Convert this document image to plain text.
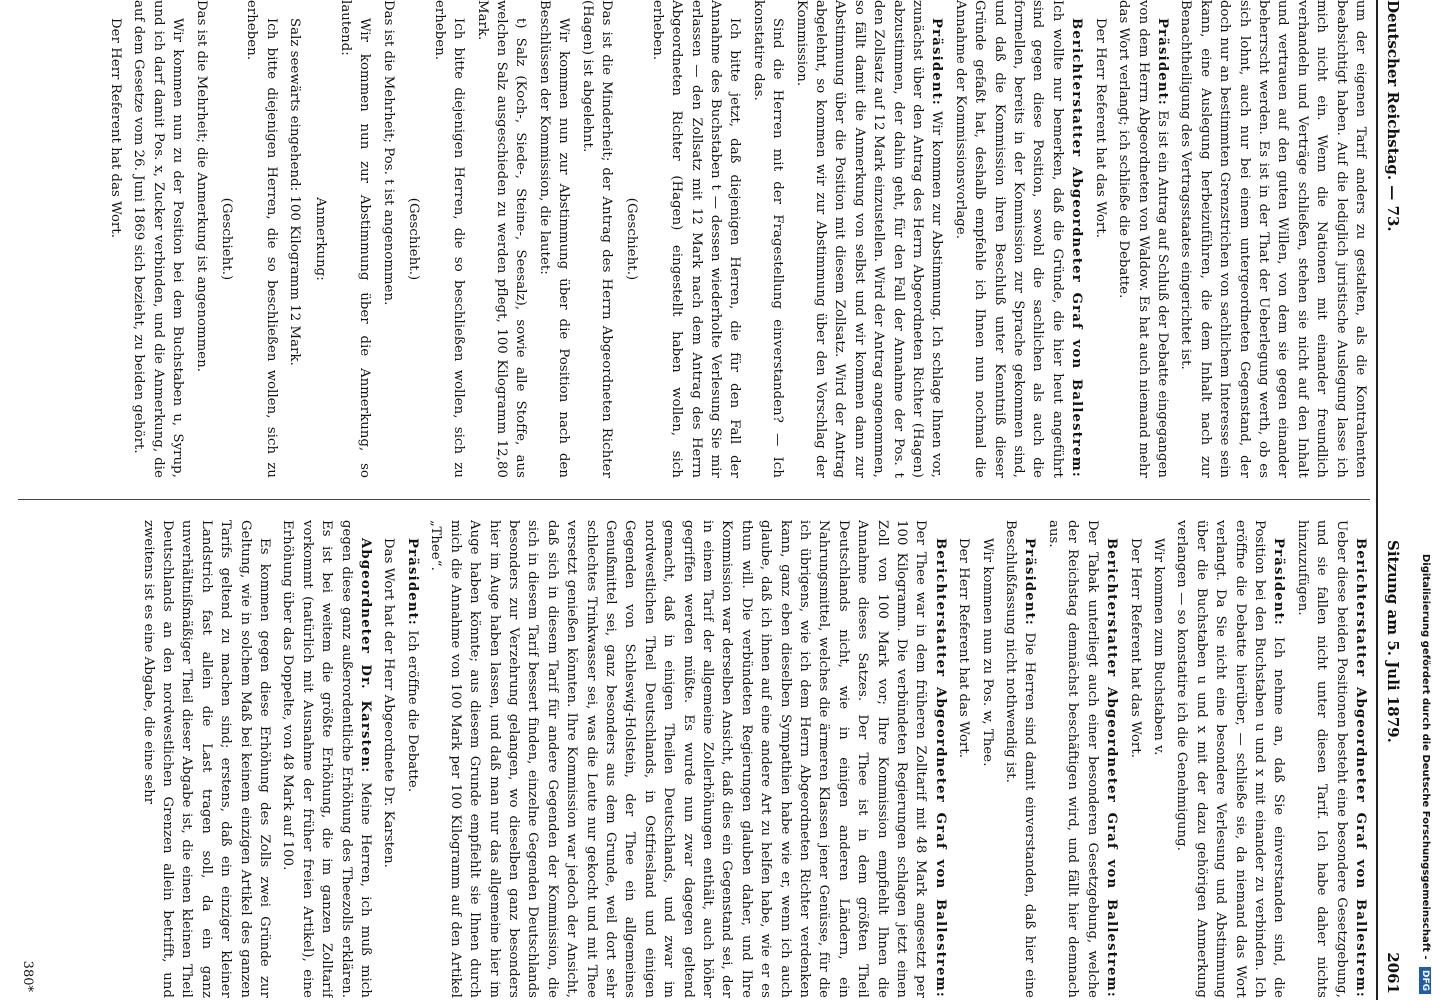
Deutscher Reichstag. — 73.
Sitzung am 5. Juli 1879.
2061

um der eigenen Tarif anders zu gestalten, als die Kontrahenten beabsichtigt haben. Auf die lediglich juristische Auslegung lasse ich mich nicht ein. Wenn die Nationen mit einander freundlich verhandeln und Verträge schließen, stehen sie nicht auf den Inhalt und vertrauen auf den guten Willen, von dem sie gegen einander beherrscht werden. Es ist in der That der Ueberlegung werth, ob es sich lohnt, auch nur bei einem untergeordneten Gegenstand, der doch nur an bestimmten Grenzstrichen von sachlichem Interesse sein kann, eine Auslegung herbeizuführen, die dem Inhalt nach zur Benachtheiligung des Vertragsstaates eingerichtet ist.

Präsident: Es ist ein Antrag auf Schluß der Debatte eingegangen von dem Herrn Abgeordneten von Waldow. Es hat auch niemand mehr das Wort verlangt; ich schließe die Debatte.

Der Herr Referent hat das Wort.

Berichterstatter Abgeordneter Graf von Ballestrem: Ich wollte nur bemerken, daß die Gründe, die hier heut angeführt sind gegen diese Position, sowohl die sachlichen als auch die formellen, bereits in der Kommission zur Sprache gekommen sind, und daß die Kommission ihren Beschluß unter Kenntniß dieser Gründe gefaßt hat, deshalb empfehle ich Ihnen nun nochmal die Annahme der Kommissionsvorlage.

Präsident: Wir kommen zur Abstimmung. Ich schlage Ihnen vor, zunächst über den Antrag des Herrn Abgeordneten Richter (Hagen) abzustimmen, der dahin geht, für den Fall der Annahme der Pos. t den Zollsatz auf 12 Mark einzustellen. Wird der Antrag angenommen, so fällt damit die Anmerkung von selbst und wir kommen dann zur Abstimmung über die Position mit diesem Zollsatz. Wird der Antrag abgelehnt, so kommen wir zur Abstimmung über den Vorschlag der Kommission.

Sind die Herren mit der Fragestellung einverstanden? — Ich konstatire das.

Ich bitte jetzt, daß diejenigen Herren, die für den Fall der Annahme des Buchstaben t — dessen wiederholte Verlesung Sie mir erlassen — den Zollsatz mit 12 Mark nach dem Antrag des Herrn Abgeordneten Richter (Hagen) eingestellt haben wollen, sich erheben.

(Geschieht.)

Das ist die Minderheit; der Antrag des Herrn Abgeordneten Richter (Hagen) ist abgelehnt.

Wir kommen nun zur Abstimmung über die Position nach den Beschlüssen der Kommission, die lautet:

t) Salz (Koch-, Siede-, Steine-, Seesalz), sowie alle Stoffe, aus welchen Salz ausgeschieden zu werden pflegt, 100 Kilogramm 12,80 Mark.

Ich bitte diejenigen Herren, die so beschließen wollen, sich zu erheben.

(Geschieht.)

Das ist die Mehrheit; Pos. t ist angenommen.

Wir kommen nun zur Abstimmung über die Anmerkung, so lautend:

Anmerkung:

Salz seewärts eingehend: 100 Kilogramm 12 Mark.

Ich bitte diejenigen Herren, die so beschließen wollen, sich zu erheben.

(Geschieht.)

Das ist die Mehrheit; die Anmerkung ist angenommen.

Wir kommen nun zu der Position bei dem Buchstaben u, Syrup, und ich darf damit Pos. x, Zucker verbinden, und die Anmerkung, die auf dem Gesetze vom 26. Juni 1869 sich bezieht, zu beiden gehört.

Der Herr Referent hat das Wort.

Berichterstatter Abgeordneter Graf von Ballestrem: Ueber diese beiden Positionen besteht eine besondere Gesetzgebung, und sie fallen nicht unter diesen Tarif. Ich habe daher nichts hinzuzufügen.

Präsident: Ich nehme an, daß Sie einverstanden sind, die Position bei den Buchstaben u und x mit einander zu verbinden. Ich eröffne die Debatte hierüber, — schließe sie, da niemand das Wort verlangt. Da Sie nicht eine besondere Verlesung und Abstimmung über die Buchstaben u und x mit der dazu gehörigen Anmerkung verlangen — so konstatire ich die Genehmigung.

Wir kommen zum Buchstaben v.

Der Herr Referent hat das Wort.

Berichterstatter Abgeordneter Graf von Ballestrem: Der Tabak unterliegt auch einer besonderen Gesetzgebung, welche der Reichstag demnächst beschäftigen wird, und fällt hier demnach aus.

Präsident: Die Herren sind damit einverstanden, daß hier eine Beschlußfassung nicht nothwendig ist.

Wir kommen nun zu Pos. w, Thee.

Der Herr Referent hat das Wort.

Berichterstatter Abgeordneter Graf von Ballestrem: Der Thee war in dem früheren Zolltarif mit 48 Mark angesetzt per 100 Kilogramm. Die verbündeten Regierungen schlagen jetzt einen Zoll von 100 Mark vor; Ihre Kommission empfiehlt Ihnen die Annahme dieses Satzes. Der Thee ist in dem größten Theil Deutschlands nicht, wie in einigen anderen Ländern, ein Nahrungsmittel, welches die ärmeren Klassen jener Genüsse, für die ich übrigens, wie ich dem Herrn Abgeordneten Richter verdenken kann, ganz eben dieselben Sympathien habe wie er, wenn ich auch glaube, daß ich ihnen auf eine andere Art zu helfen habe, wie er es thun will. Die verbündeten Regierungen glauben daher, und Ihre Kommission war derselben Ansicht, daß dies ein Gegenstand sei, der in einem Tarif der allgemeine Zollerhöhungen enthält, auch höher gegriffen werden müßte. Es wurde nun zwar dagegen geltend gemacht, daß in einigen Theilen Deutschlands, und zwar im nordwestlichen Theil Deutschlands, in Ostfriesland und einigen Gegenden von Schleswig-Holstein, der Thee ein allgemeines Genußmittel sei, ganz besonders aus dem Grunde, weil dort sehr schlechtes Trinkwasser sei, was die Leute nur gekocht und mit Thee versetzt genießen könnten. Ihre Kommission war jedoch der Ansicht, daß sich in diesem Tarif für andere Gegenden der Kommission, die sich in diesem Tarif bessert finden, einzelne Gegenden Deutschlands besonders zur Verzehrung gelangen, wo dieselben ganz besonders hier im Auge haben lassen, und daß man nur das allgemeine hier im Auge haben könnte; aus diesem Grunde empfiehlt sie Ihnen durch mich die Annahme von 100 Mark per 100 Kilogramm auf den Artikel „Thee“.

Präsident: Ich eröffne die Debatte.

Das Wort hat der Herr Abgeordnete Dr. Karsten.

Abgeordneter Dr. Karsten: Meine Herren, ich muß mich gegen diese ganz außerordentliche Erhöhung des Theezolls erklären. Es ist bei weitem die größte Erhöhung, die im ganzen Zolltarif vorkommt (natürlich mit Ausnahme der früher freien Artikel), eine Erhöhung über das Doppelte, von 48 Mark auf 100.

Es kommen gegen diese Erhöhung des Zolls zwei Gründe zur Geltung, wie in solchem Maß bei keinem einzigen Artikel des ganzen Tarifs geltend zu machen sind; erstens, daß ein einziger kleiner Landstrich fast allein die Last tragen soll, da ein ganz unverhältnißmäßiger Theil dieser Abgabe ist, die einen kleinen Theil Deutschlands an den nordwestlichen Grenzen allein betrifft, und zweitens ist es eine Abgabe, die eine sehr

380*
Digitalisierung gefördert durch die Deutsche Forschungsgemeinschaft - DFG
